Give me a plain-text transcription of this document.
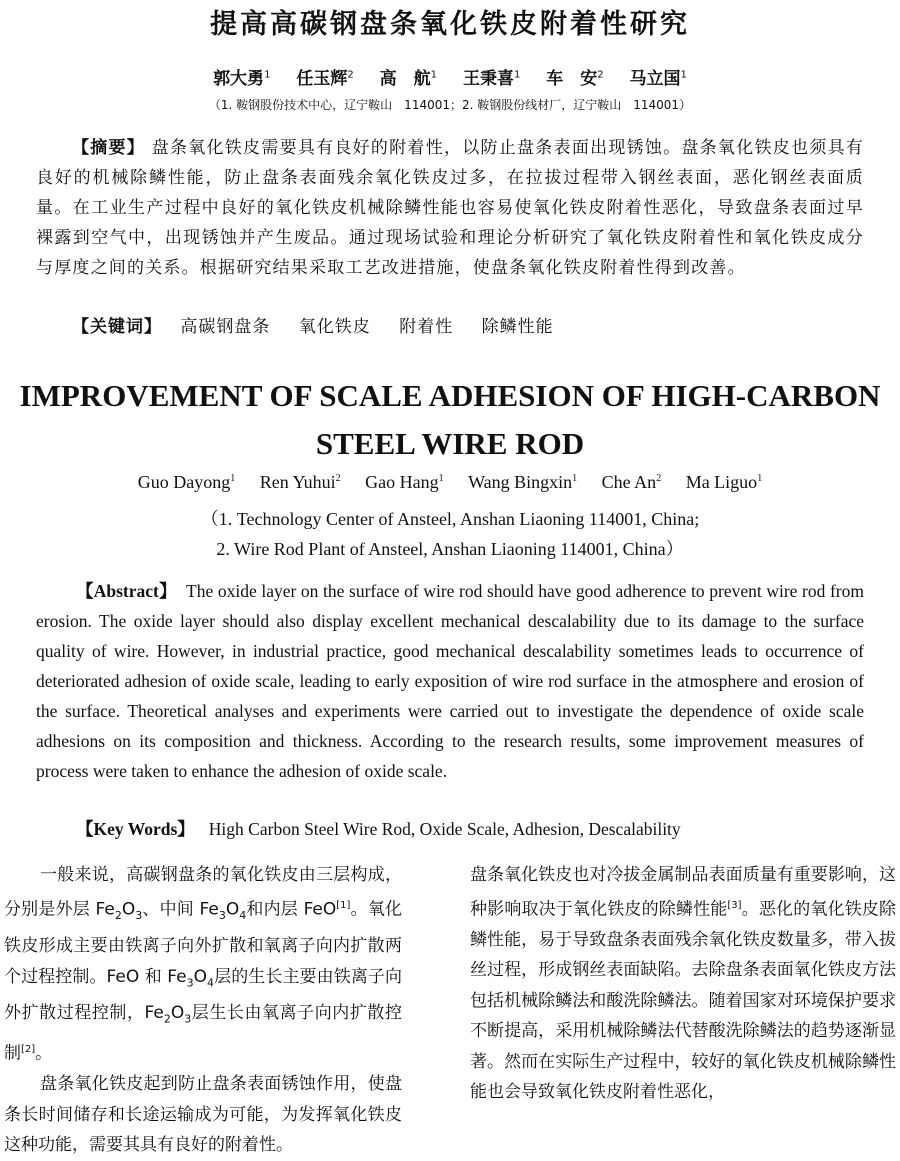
提高高碳钢盘条氧化铁皮附着性研究
郭大勇$^1$ 任玉辉$^2$ 高　航$^1$ 王秉喜$^1$ 车　安$^2$ 马立国$^1$
（1. 鞍钢股份技术中心，辽宁鞍山　114001；2. 鞍钢股份线材厂，辽宁鞍山　114001）

【摘要】 盘条氧化铁皮需要具有良好的附着性，以防止盘条表面出现锈蚀。盘条氧化铁皮也须具有良好的机械除鳞性能，防止盘条表面残余氧化铁皮过多，在拉拔过程带入钢丝表面，恶化钢丝表面质量。在工业生产过程中良好的氧化铁皮机械除鳞性能也容易使氧化铁皮附着性恶化，导致盘条表面过早裸露到空气中，出现锈蚀并产生废品。通过现场试验和理论分析研究了氧化铁皮附着性和氧化铁皮成分与厚度之间的关系。根据研究结果采取工艺改进措施，使盘条氧化铁皮附着性得到改善。

【关键词】 高碳钢盘条 氧化铁皮 附着性 除鳞性能
IMPROVEMENT OF SCALE ADHESION OF HIGH-CARBON
STEEL WIRE ROD
Guo Dayong$^1$ Ren Yuhui$^2$ Gao Hang$^1$ Wang Bingxin$^1$ Che An$^2$ Ma Liguo$^1$
（1. Technology Center of Ansteel, Anshan Liaoning 114001, China;
2. Wire Rod Plant of Ansteel, Anshan Liaoning 114001, China）

【Abstract】 The oxide layer on the surface of wire rod should have good adherence to prevent wire rod from erosion. The oxide layer should also display excellent mechanical descalability due to its damage to the surface quality of wire. However, in industrial practice, good mechanical descalability sometimes leads to occurrence of deteriorated adhesion of oxide scale, leading to early exposition of wire rod surface in the atmosphere and erosion of the surface. Theoretical analyses and experiments were carried out to investigate the dependence of oxide scale adhesions on its composition and thickness. According to the research results, some improvement measures of process were taken to enhance the adhesion of oxide scale.

【Key Words】 High Carbon Steel Wire Rod, Oxide Scale, Adhesion, Descalability

一般来说，高碳钢盘条的氧化铁皮由三层构成，分别是外层 $Fe_2O_3$、中间 $Fe_3O_4$和内层 FeO[1]。氧化铁皮形成主要由铁离子向外扩散和氧离子向内扩散两个过程控制。FeO 和 $Fe_3O_4$层的生长主要由铁离子向外扩散过程控制，$Fe_2O_3$层生长由氧离子向内扩散控制[2]。

盘条氧化铁皮起到防止盘条表面锈蚀作用，使盘条长时间储存和长途运输成为可能，为发挥氧化铁皮这种功能，需要其具有良好的附着性。

盘条氧化铁皮也对冷拔金属制品表面质量有重要影响，这种影响取决于氧化铁皮的除鳞性能[3]。恶化的氧化铁皮除鳞性能，易于导致盘条表面残余氧化铁皮数量多，带入拔丝过程，形成钢丝表面缺陷。去除盘条表面氧化铁皮方法包括机械除鳞法和酸洗除鳞法。随着国家对环境保护要求不断提高，采用机械除鳞法代替酸洗除鳞法的趋势逐渐显著。然而在实际生产过程中，较好的氧化铁皮机械除鳞性能也会导致氧化铁皮附着性恶化，
